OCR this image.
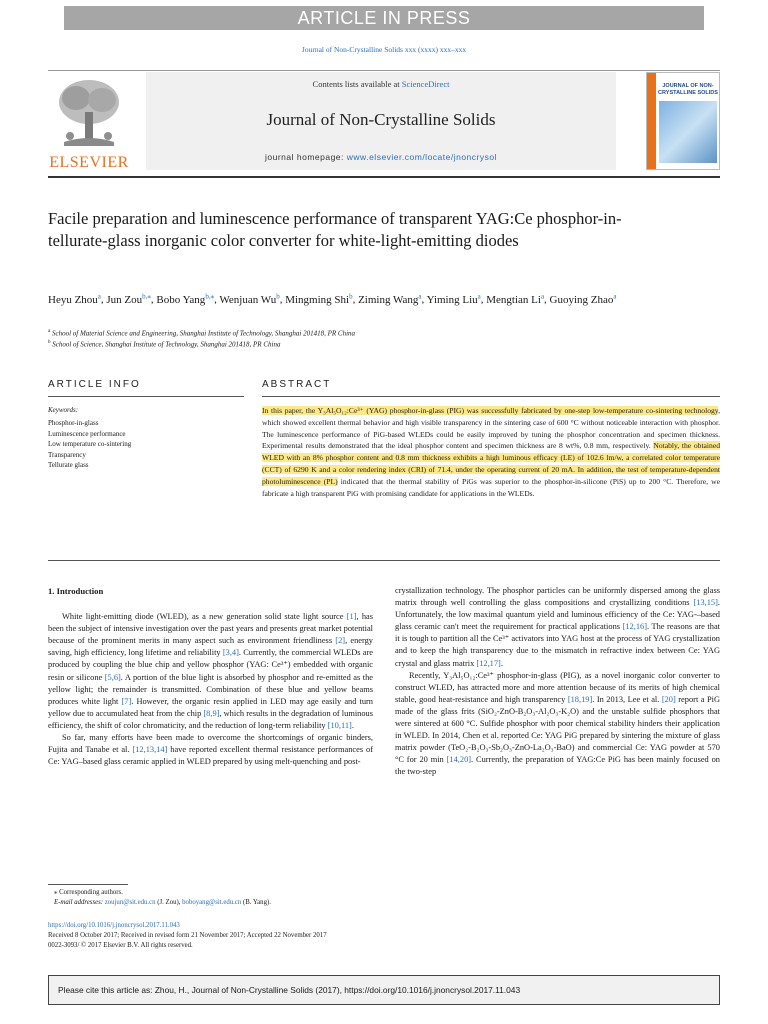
ARTICLE IN PRESS
Journal of Non-Crystalline Solids xxx (xxxx) xxx–xxx
ELSEVIER
Contents lists available at ScienceDirect
Journal of Non-Crystalline Solids
journal homepage: www.elsevier.com/locate/jnoncrysol
JOURNAL OF NON-CRYSTALLINE SOLIDS
Facile preparation and luminescence performance of transparent YAG:Ce phosphor-in-tellurate-glass inorganic color converter for white-light-emitting diodes
Heyu Zhou$^a$, Jun Zou$^{b,⁎}$, Bobo Yang$^{b,⁎}$, Wenjuan Wu$^b$, Mingming Shi$^b$, Ziming Wang$^a$, Yiming Liu$^a$, Mengtian Li$^a$, Guoying Zhao$^a$
$^a$ School of Material Science and Engineering, Shanghai Institute of Technology, Shanghai 201418, PR China
$^b$ School of Science, Shanghai Institute of Technology, Shanghai 201418, PR China
ARTICLE INFO	ABSTRACT
Keywords:
Phosphor-in-glass
Luminescence performance
Low temperature co-sintering
Transparency
Tellurate glass
In this paper, the Y₃Al₅O₁₂:Ce³⁺ (YAG) phosphor-in-glass (PIG) was successfully fabricated by one-step low-temperature co-sintering technology, which showed excellent thermal behavior and high visible transparency in the sintering case of 600 °C without noticeable interaction with phosphor. The luminescence performance of PiG-based WLEDs could be easily improved by tuning the phosphor concentration and specimen thickness. Experimental results demonstrated that the ideal phosphor content and specimen thickness are 8 wt%, 0.8 mm, respectively. Notably, the obtained WLED with an 8% phosphor content and 0.8 mm thickness exhibits a high luminous efficacy (LE) of 102.6 lm/w, a correlated color temperature (CCT) of 6290 K and a color rendering index (CRI) of 71.4, under the operating current of 20 mA. In addition, the test of temperature-dependent photoluminescence (PL) indicated that the thermal stability of PiGs was superior to the phosphor-in-silicone (PiS) up to 200 °C. Therefore, we fabricate a high transparent PiG with promising candidate for applications in the WLEDs.
1. Introduction

White light-emitting diode (WLED), as a new generation solid state light source [1], has been the subject of intensive investigation over the past years and presents great market potential because of the prominent merits in many aspect such as environment friendliness [2], energy saving, high efficiency, long lifetime and reliability [3,4]. Currently, the commercial WLEDs are produced by coupling the blue chip and yellow phosphor (YAG: Ce³⁺) embedded with organic resin or silicone [5,6]. A portion of the blue light is absorbed by phosphor and re-emitted as the yellow light; the remainder is transmitted. Combination of these blue and yellow beams produces white light [7]. However, the organic resin applied in LED may age easily and turn yellow due to accumulated heat from the chip [8,9], which results in the degradation of luminous efficiency, the shift of color chromaticity, and the reduction of long-term reliability [10,11].

So far, many efforts have been made to overcome the shortcomings of organic binders, Fujita and Tanabe et al. [12,13,14] have reported excellent thermal resistance performances of Ce: YAG–based glass ceramic applied in WLED prepared by using melt-quenching and post-

crystallization technology. The phosphor particles can be uniformly dispersed among the glass matrix through well controlling the glass compositions and crystallizing conditions [13,15]. Unfortunately, the low maximal quantum yield and luminous efficiency of the Ce: YAG-–based glass ceramic can't meet the requirement for practical applications [12,16]. The reasons are that it is tough to partition all the Ce³⁺ activators into YAG host at the process of YAG crystallization and to keep the high transparency due to the mismatch in refractive index between Ce: YAG crystal and glass matrix [12,17].

Recently, Y₃Al₅O₁₂:Ce³⁺ phosphor-in-glass (PIG), as a novel inorganic color converter to construct WLED, has attracted more and more attention because of its merits of high chemical stable, good heat-resistance and high transparency [18,19]. In 2013, Lee et al. [20] report a PiG made of the glass frits (SiO₂-ZnO-B₂O₃-Al₂O₃-K₂O) and the unstable sulfide phosphors that were sintered at 600 °C. Sulfide phosphor with poor chemical stability hinders their application in WLED. In 2014, Chen et al. reported Ce: YAG PiG prepared by sintering the mixture of glass matrix powder (TeO₂-B₂O₃-Sb₂O₃-ZnO-La₂O₃-BaO) and commercial Ce: YAG powder at 570 °C for 20 min [14,20]. Currently, the preparation of YAG:Ce PiG has been mainly focused on the two-step

⁎ Corresponding authors.
E-mail addresses: zoujun@sit.edu.cn (J. Zou), boboyang@sit.edu.cn (B. Yang).
https://doi.org/10.1016/j.jnoncrysol.2017.11.043
Received 8 October 2017; Received in revised form 21 November 2017; Accepted 22 November 2017
0022-3093/ © 2017 Elsevier B.V. All rights reserved.
Please cite this article as: Zhou, H., Journal of Non-Crystalline Solids (2017), https://doi.org/10.1016/j.jnoncrysol.2017.11.043
